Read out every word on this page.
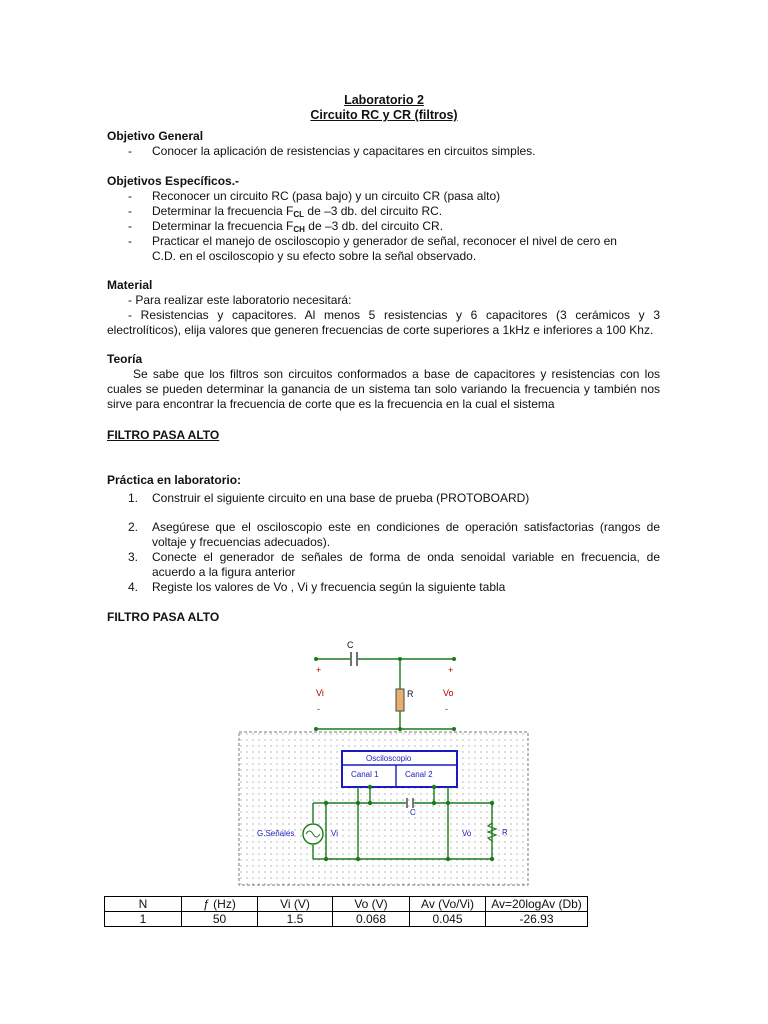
Laboratorio 2
Circuito RC y CR (filtros)
Objetivo General
- Conocer la aplicación de resistencias y capacitares en circuitos simples.
Objetivos Específicos.-
- Reconocer un circuito RC (pasa bajo) y un circuito CR (pasa alto)
- Determinar la frecuencia $F_{CL}$ de –3 db. del circuito RC.
- Determinar la frecuencia $F_{CH}$ de –3 db. del circuito CR.
- Practicar el manejo de osciloscopio y generador de señal, reconocer el nivel de cero en
C.D. en el osciloscopio y su efecto sobre la señal observado.
Material
- Para realizar este laboratorio necesitará:
- Resistencias y capacitores. Al menos 5 resistencias y 6 capacitores (3 cerámicos y 3 electrolíticos), elija valores que generen frecuencias de corte superiores a 1kHz e inferiores a 100 Khz.
Teoría
Se sabe que los filtros son circuitos conformados a base de capacitores y resistencias con los cuales se pueden determinar la ganancia de un sistema tan solo variando la frecuencia y también nos sirve para encontrar la frecuencia de corte que es la frecuencia en la cual el sistema
FILTRO PASA ALTO
Práctica en laboratorio:
1. Construir el siguiente circuito en una base de prueba (PROTOBOARD)
2. Asegúrese que el osciloscopio este en condiciones de operación satisfactorias (rangos de voltaje y frecuencias adecuados).
3. Conecte el generador de señales de forma de onda senoidal variable en frecuencia, de acuerdo a la figura anterior
4. Registe los valores de Vo , Vi y frecuencia según la siguiente tabla
FILTRO PASA ALTO
C
R
+	+
Vi	Vo
-	-
Osciloscopio
Canal 1	Canal 2
C
G.Señales	Vi	Vo	R
N	ƒ (Hz)	Vi (V)	Vo (V)	Av (Vo/Vi)	Av=20logAv (Db)
1	50	1.5	0.068	0.045	-26.93
